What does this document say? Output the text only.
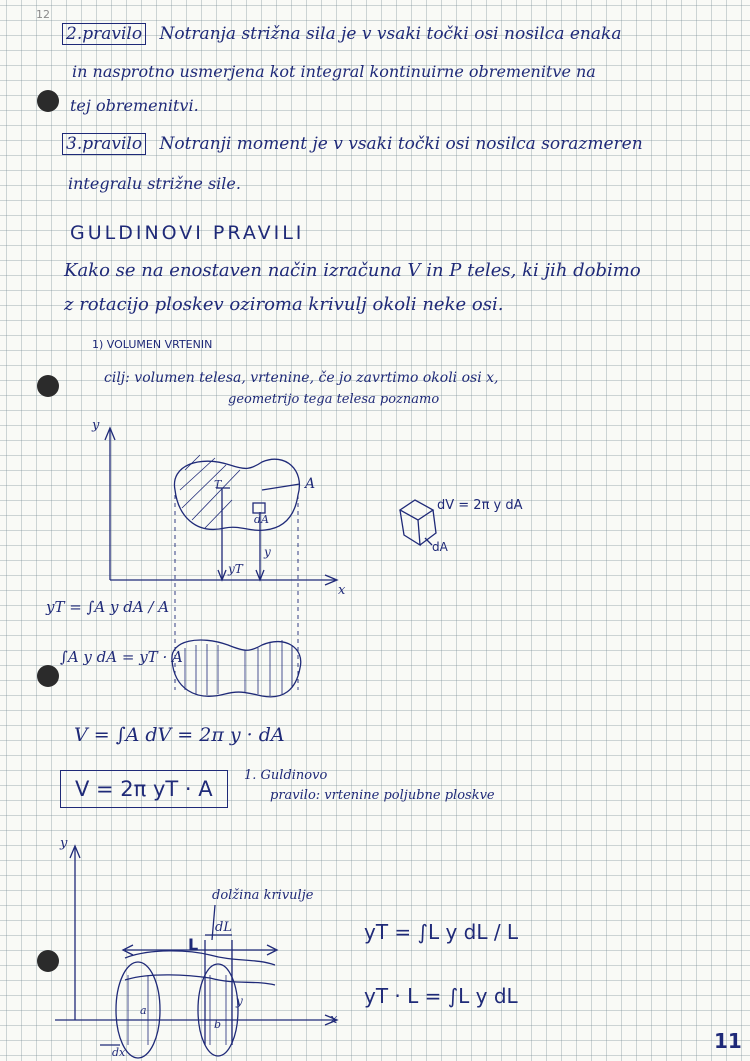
12
2.pravilo Notranja strižna sila je v vsaki točki osi nosilca enaka
in nasprotno usmerjena kot integral kontinuirne obremenitve na
tej obremenitvi.
3.pravilo Notranji moment je v vsaki točki osi nosilca sorazmeren
integralu strižne sile.
GULDINOVI PRAVILI
Kako se na enostaven način izračuna V in P teles, ki jih dobimo
z rotacijo ploskev oziroma krivulj okoli neke osi.
1) VOLUMEN VRTENIN
cilj: volumen telesa, vrtenine, če jo zavrtimo okoli osi x,
geometrijo tega telesa poznamo
y
x
A
T
yT
y
dA
dV = 2π y dA
dA
yT = ∫A y dA / A
∫A y dA = yT · A
V = ∫A dV = 2π y · dA
V = 2π yT · A
1. Guldinovo
pravilo: vrtenine poljubne ploskve
y
x
dolžina krivulje
L
dL
y
a
b
dx
yT = ∫L y dL / L
yT · L = ∫L y dL
11
